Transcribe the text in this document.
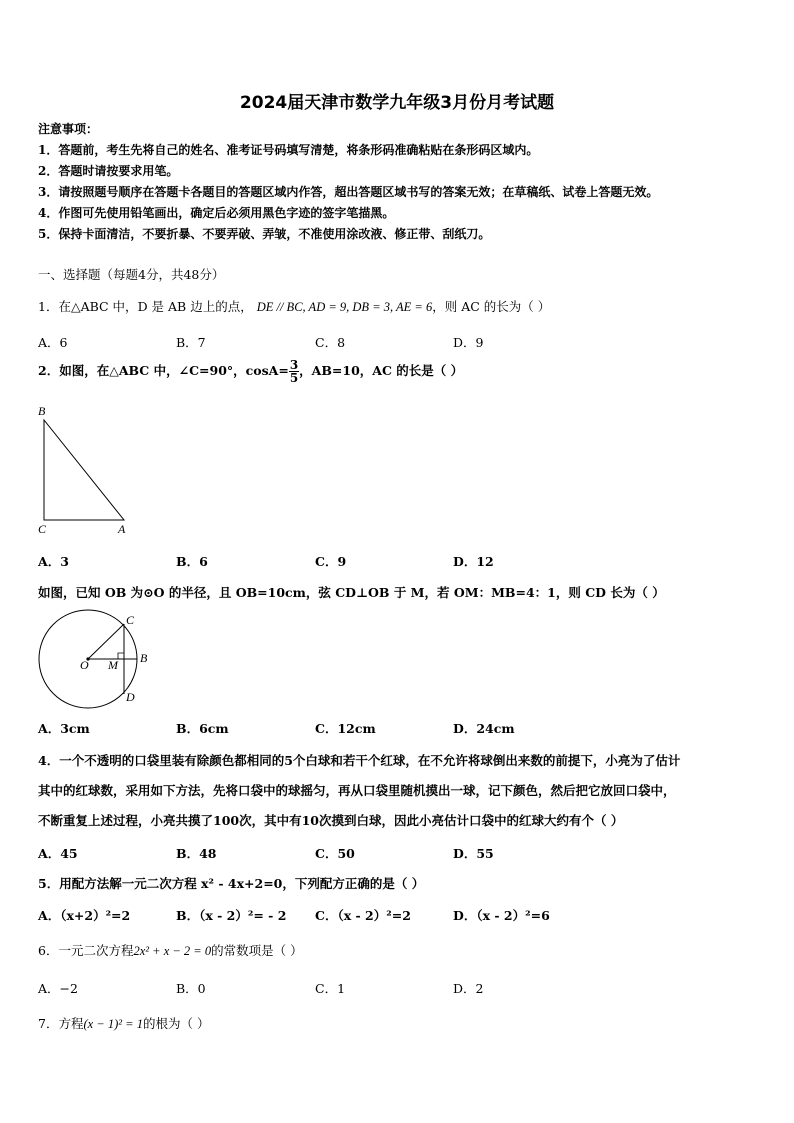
2024届天津市数学九年级3月份月考试题
注意事项：
1．答题前，考生先将自己的姓名、准考证号码填写清楚，将条形码准确粘贴在条形码区域内。
2．答题时请按要求用笔。
3．请按照题号顺序在答题卡各题目的答题区域内作答，超出答题区域书写的答案无效；在草稿纸、试卷上答题无效。
4．作图可先使用铅笔画出，确定后必须用黑色字迹的签字笔描黑。
5．保持卡面清洁，不要折暴、不要弄破、弄皱，不准使用涂改液、修正带、刮纸刀。
一、选择题（每题4分，共48分）
1．在△ABC 中，D 是 AB 边上的点， DE // BC, AD = 9, DB = 3, AE = 6，则 AC 的长为（ ）
A．6	B．7	C．8	D．9
2．如图，在△ABC 中，∠C=90°，$\cos A= \frac{3}{5}$ ，AB=10，AC 的长是（ ）
B
C	A
A．3	B．6	C．9	D．12
如图，已知 OB 为⊙O 的半径，且 OB=10cm，弦 CD⊥OB 于 M，若 OM：MB=4：1，则 CD 长为（ ）
O M B
C
D
A．3cm	B．6cm	C．12cm	D．24cm
4．一个不透明的口袋里装有除颜色都相同的5个白球和若干个红球，在不允许将球倒出来数的前提下，小亮为了估计
其中的红球数，采用如下方法，先将口袋中的球摇匀，再从口袋里随机摸出一球，记下颜色，然后把它放回口袋中，
不断重复上述过程，小亮共摸了100次，其中有10次摸到白球，因此小亮估计口袋中的红球大约有个（ ）
A．45	B．48	C．50	D．55
5．用配方法解一元二次方程 x² - 4x+2=0，下列配方正确的是（ ）
A．（x+2）²=2	B．（x - 2）²= - 2 C．（x - 2）²=2	D．（x - 2）²=6
6．一元二次方程2x² + x − 2 = 0的常数项是（ ）
A．−2	B．0	C．1	D．2
7．方程(x − 1)² = 1的根为（ ）
